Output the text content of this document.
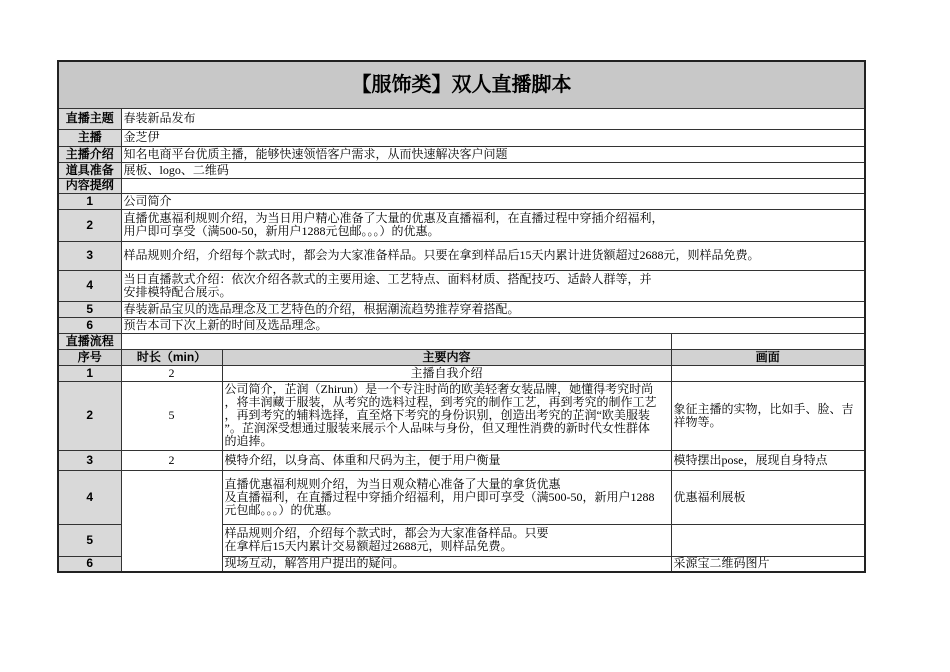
【服饰类】双人直播脚本			
直播主题	春装新品发布		
主播	金芝伊		
主播介绍	知名电商平台优质主播，能够快速领悟客户需求，从而快速解决客户问题		
道具准备	展板、logo、二维码		
内容提纲			
1	公司简介		
2	直播优惠福利规则介绍，为当日用户精心准备了大量的优惠及直播福利，在直播过程中穿插介绍福利，
用户即可享受（满500-50，新用户1288元包邮。。。）的优惠。		
3	样品规则介绍，介绍每个款式时，都会为大家准备样品。只要在拿到样品后15天内累计进货额超过2688元，则样品免费。		
4	当日直播款式介绍：依次介绍各款式的主要用途、工艺特点、面料材质、搭配技巧、适龄人群等，并
安排模特配合展示。		
5	春装新品宝贝的选品理念及工艺特色的介绍，根据潮流趋势推荐穿着搭配。		
6	预告本司下次上新的时间及选品理念。		
直播流程			
序号	时长（min）	主要内容	画面
1	2	主播自我介绍	
2	5	公司简介，芷润（Zhirun）是一个专注时尚的欧美轻奢女装品牌，她懂得考究时尚
，将丰润藏于服装，从考究的选料过程，到考究的制作工艺，再到考究的制作工艺
，再到考究的辅料选择，直至烙下考究的身份识别，创造出考究的芷润“欧美服装
”。芷润深受想通过服装来展示个人品味与身份，但又理性消费的新时代女性群体
的追捧。	象征主播的实物，比如手、脸、吉祥物等。
3	2	模特介绍，以身高、体重和尺码为主，便于用户衡量	模特摆出pose，展现自身特点
4		直播优惠福利规则介绍，为当日观众精心准备了大量的拿货优惠
及直播福利，在直播过程中穿插介绍福利，用户即可享受（满500-50，新用户1288
元包邮。。。）的优惠。	优惠福利展板
5		样品规则介绍，介绍每个款式时，都会为大家准备样品。只要
在拿样后15天内累计交易额超过2688元，则样品免费。	
6		现场互动，解答用户提出的疑问。	采源宝二维码图片
